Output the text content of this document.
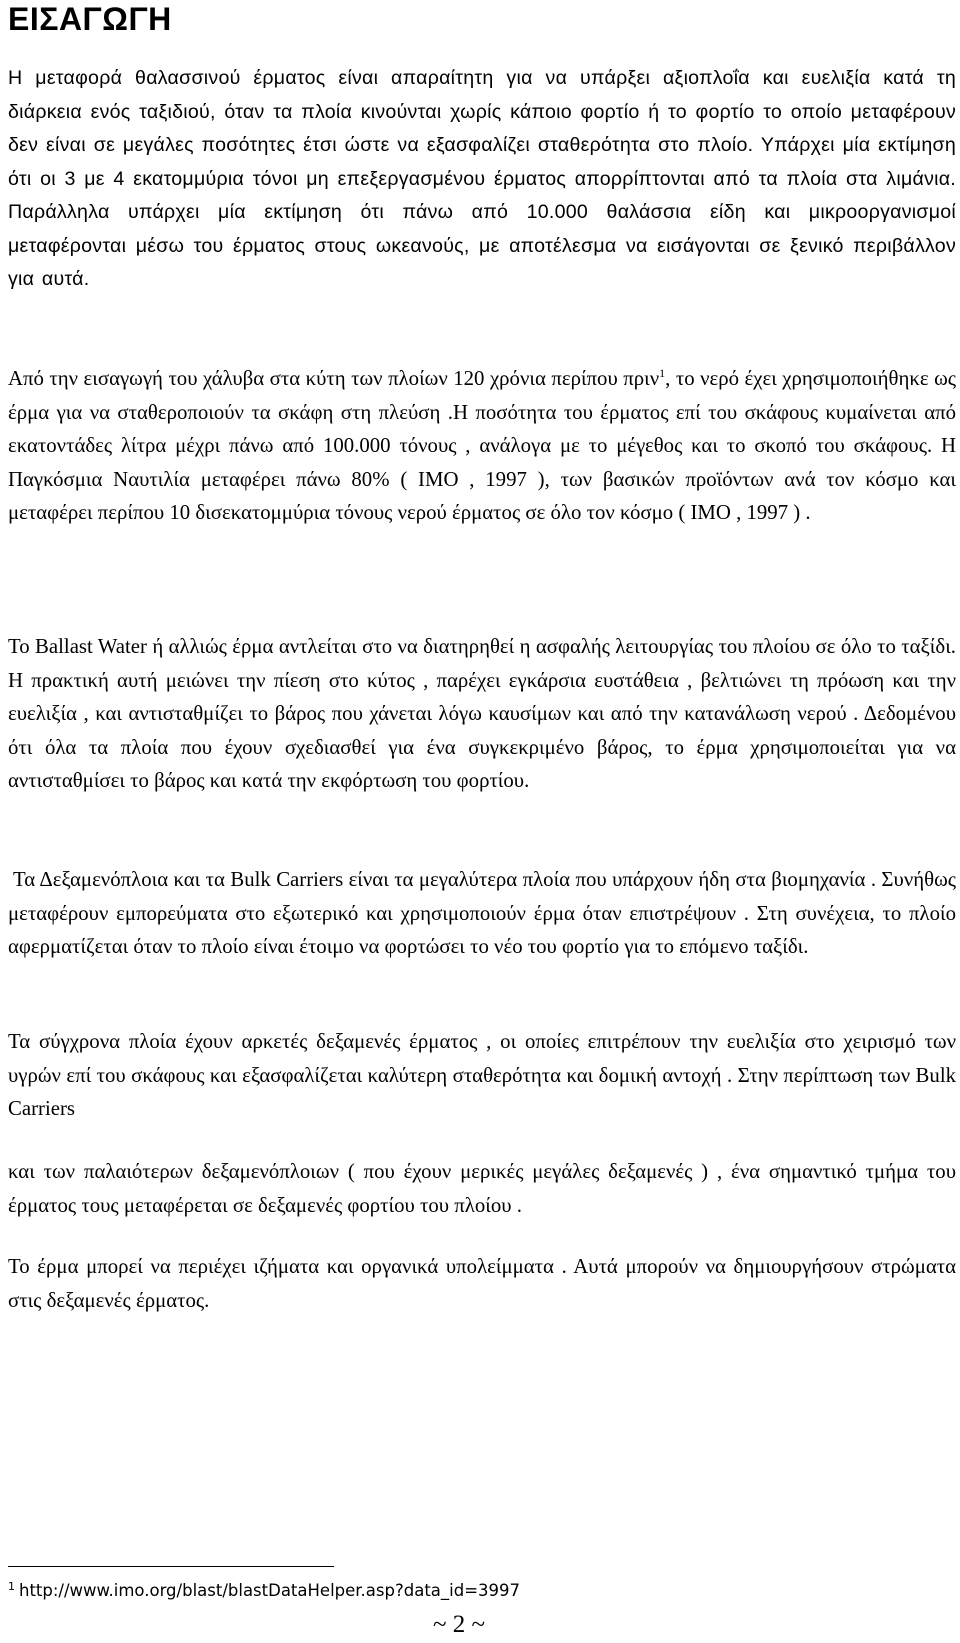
ΕΙΣΑΓΩΓΗ

Η μεταφορά θαλασσινού έρματος είναι απαραίτητη για να υπάρξει αξιοπλοΐα και ευελιξία κατά τη διάρκεια ενός ταξιδιού, όταν τα πλοία κινούνται χωρίς κάποιο φορτίο ή το φορτίο το οποίο μεταφέρουν δεν είναι σε μεγάλες ποσότητες έτσι ώστε να εξασφαλίζει σταθερότητα στο πλοίο. Υπάρχει μία εκτίμηση ότι οι 3 με 4 εκατομμύρια τόνοι μη επεξεργασμένου έρματος απορρίπτονται από τα πλοία στα λιμάνια. Παράλληλα υπάρχει μία εκτίμηση ότι πάνω από 10.000 θαλάσσια είδη και μικροοργανισμοί μεταφέρονται μέσω του έρματος στους ωκεανούς, με αποτέλεσμα να εισάγονται σε ξενικό περιβάλλον για αυτά.

Από την εισαγωγή του χάλυβα στα κύτη των πλοίων 120 χρόνια περίπου πριν$^1$, το νερό έχει χρησιμοποιήθηκε ως έρμα για να σταθεροποιούν τα σκάφη στη πλεύση .Η ποσότητα του έρματος επί του σκάφους κυμαίνεται από εκατοντάδες λίτρα μέχρι πάνω από 100.000 τόνους , ανάλογα με το μέγεθος και το σκοπό του σκάφους. Η Παγκόσμια Ναυτιλία μεταφέρει πάνω 80% ( IMO , 1997 ), των βασικών προϊόντων ανά τον κόσμο και μεταφέρει περίπου 10 δισεκατομμύρια τόνους νερού έρματος σε όλο τον κόσμο ( IMO , 1997 ) .

To Ballast Water ή αλλιώς έρμα αντλείται στο να διατηρηθεί η ασφαλής λειτουργίας του πλοίου σε όλο το ταξίδι. Η πρακτική αυτή μειώνει την πίεση στο κύτος , παρέχει εγκάρσια ευστάθεια , βελτιώνει τη πρόωση και την ευελιξία , και αντισταθμίζει το βάρος που χάνεται λόγω καυσίμων και από την κατανάλωση νερού . Δεδομένου ότι όλα τα πλοία που έχουν σχεδιασθεί για ένα συγκεκριμένο βάρος, το έρμα χρησιμοποιείται για να αντισταθμίσει το βάρος και κατά την εκφόρτωση του φορτίου.

Τα Δεξαμενόπλοια και τα Bulk Carriers είναι τα μεγαλύτερα πλοία που υπάρχουν ήδη στα βιομηχανία . Συνήθως μεταφέρουν εμπορεύματα στο εξωτερικό και χρησιμοποιούν έρμα όταν επιστρέψουν . Στη συνέχεια, το πλοίο αφερματίζεται όταν το πλοίο είναι έτοιμο να φορτώσει το νέο του φορτίο για το επόμενο ταξίδι.

Τα σύγχρονα πλοία έχουν αρκετές δεξαμενές έρματος , οι οποίες επιτρέπουν την ευελιξία στο χειρισμό των υγρών επί του σκάφους και εξασφαλίζεται καλύτερη σταθερότητα και δομική αντοχή . Στην περίπτωση των Bulk Carriers

και των παλαιότερων δεξαμενόπλοιων ( που έχουν μερικές μεγάλες δεξαμενές ) , ένα σημαντικό τμήμα του έρματος τους μεταφέρεται σε δεξαμενές φορτίου του πλοίου .

Το έρμα μπορεί να περιέχει ιζήματα και οργανικά υπολείμματα . Αυτά μπορούν να δημιουργήσουν στρώματα στις δεξαμενές έρματος.

$^1$ http://www.imo.org/blast/blastDataHelper.asp?data_id=3997

~ 2 ~
